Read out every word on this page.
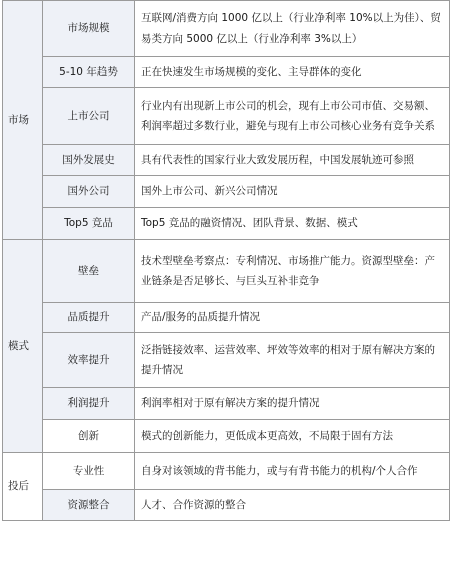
市场	市场规模	互联网/消费方向 1000 亿以上（行业净利率 10%以上为佳）、贸易类方向 5000 亿以上（行业净利率 3%以上）
	5-10 年趋势	正在快速发生市场规模的变化、主导群体的变化
	上市公司	行业内有出现新上市公司的机会，现有上市公司市值、交易额、利润率超过多数行业，避免与现有上市公司核心业务有竞争关系
	国外发展史	具有代表性的国家行业大致发展历程，中国发展轨迹可参照
	国外公司	国外上市公司、新兴公司情况
	Top5 竞品	Top5 竞品的融资情况、团队背景、数据、模式
模式	壁垒	技术型壁垒考察点：专利情况、市场推广能力。资源型壁垒：产业链条是否足够长、与巨头互补非竞争
	品质提升	产品/服务的品质提升情况
	效率提升	泛指链接效率、运营效率、坪效等效率的相对于原有解决方案的提升情况
	利润提升	利润率相对于原有解决方案的提升情况
	创新	模式的创新能力，更低成本更高效，不局限于固有方法
投后	专业性	自身对该领域的背书能力，或与有背书能力的机构/个人合作
	资源整合	人才、合作资源的整合
